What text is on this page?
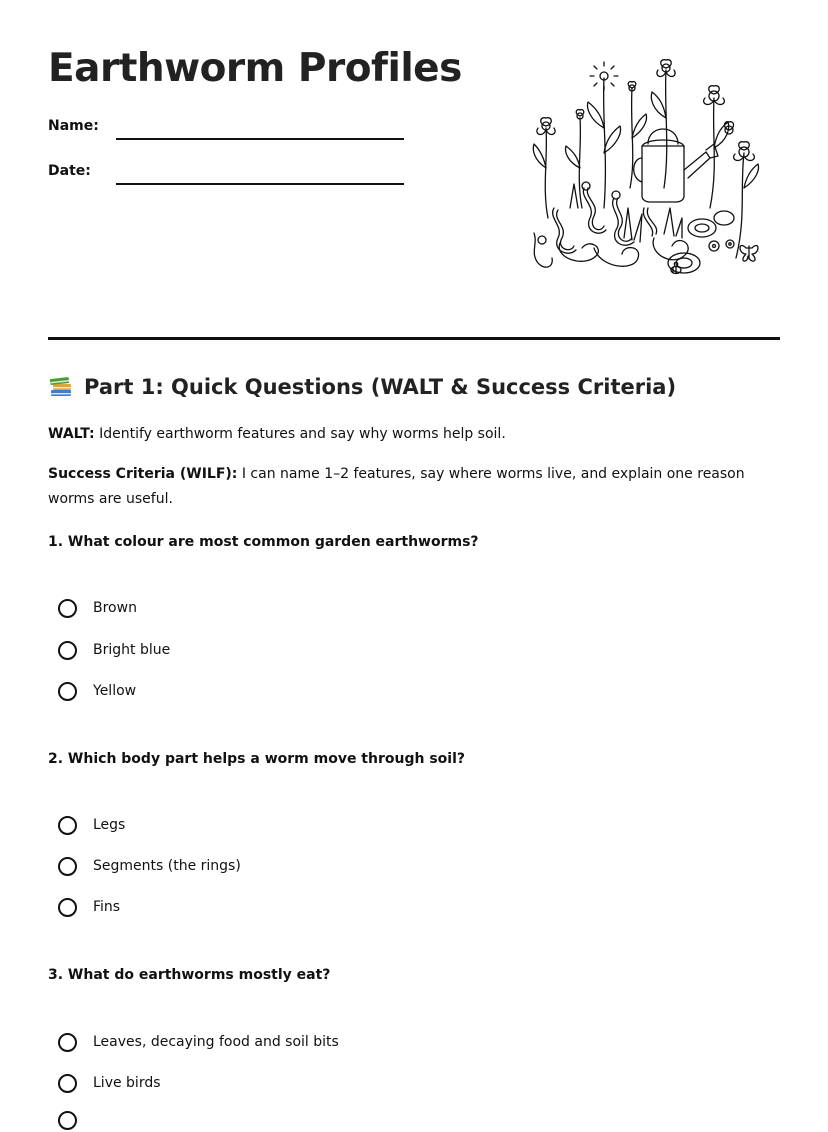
Earthworm Profiles
Name:
Date:
Part 1: Quick Questions (WALT & Success Criteria)

WALT: Identify earthworm features and say why worms help soil.

Success Criteria (WILF): I can name 1–2 features, say where worms live, and explain one reason worms are useful.

1. What colour are most common garden earthworms?

Brown
Bright blue
Yellow

2. Which body part helps a worm move through soil?

Legs
Segments (the rings)
Fins

3. What do earthworms mostly eat?

Leaves, decaying food and soil bits
Live birds
